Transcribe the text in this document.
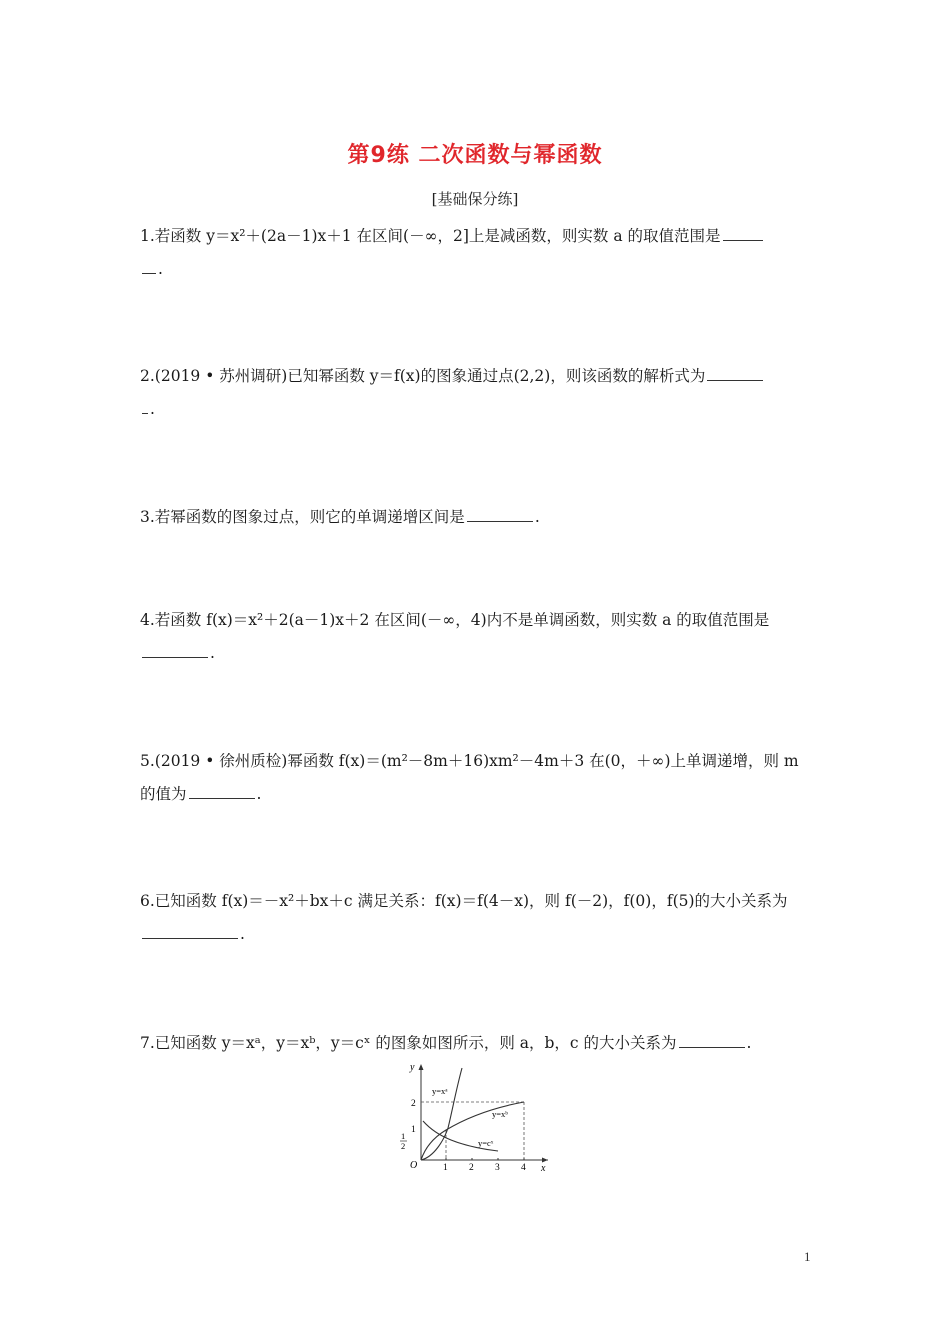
第9练 二次函数与幂函数
[基础保分练]
1.若函数 y＝x²＋(2a－1)x＋1 在区间(－∞，2]上是减函数，则实数 a 的取值范围是
.
2.(2019 • 苏州调研)已知幂函数 y＝f(x)的图象通过点(2,2)，则该函数的解析式为
.
3.若幂函数的图象过点，则它的单调递增区间是	.
4.若函数 f(x)＝x²＋2(a－1)x＋2 在区间(－∞，4)内不是单调函数，则实数 a 的取值范围是.
5.(2019 • 徐州质检)幂函数 f(x)＝(m²－8m＋16)xm²－4m＋3 在(0，＋∞)上单调递增，则 m 的值为	.
6.已知函数 f(x)＝－x²＋bx＋c 满足关系：f(x)＝f(4－x)，则 f(－2)，f(0)，f(5)的大小关系为.
7.已知函数 y＝xᵃ，y＝xᵇ，y＝cˣ 的图象如图所示，则 a，b，c 的大小关系为	.
y
x
O	1 2 3 4
2
1
1
2
y=xᵃ
y=xᵇ
y=cˣ
1
